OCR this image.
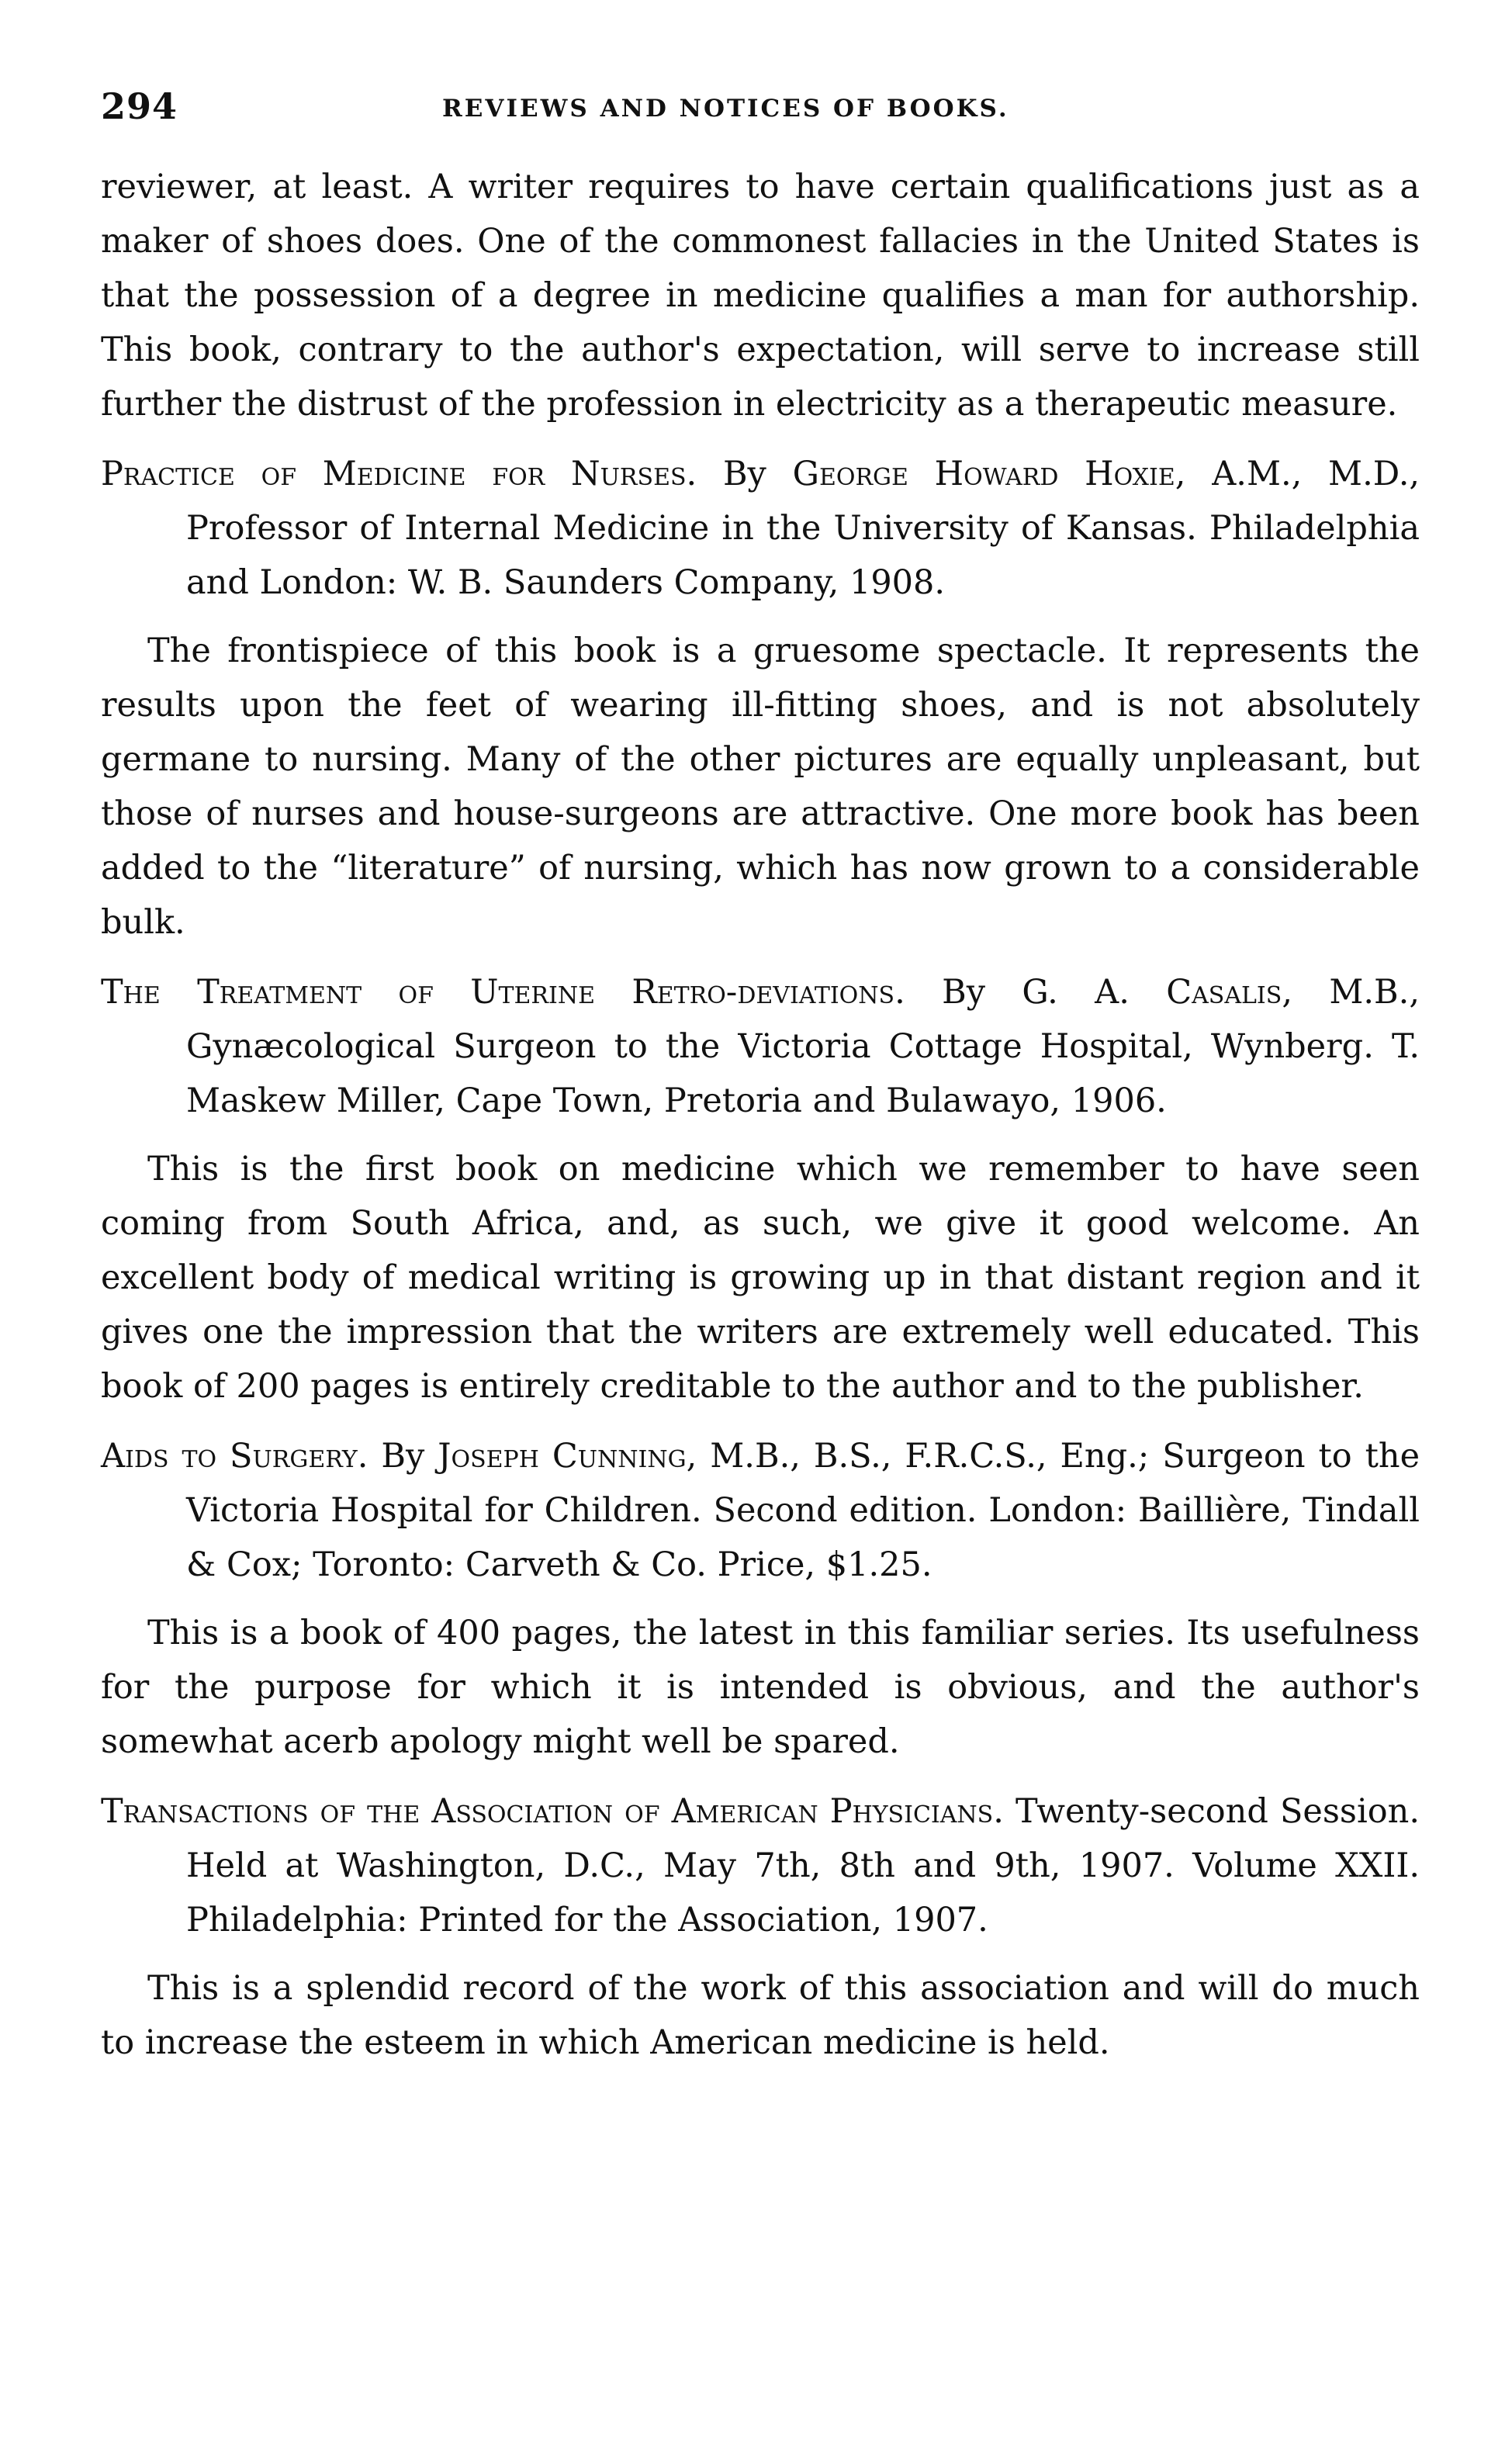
294	REVIEWS AND NOTICES OF BOOKS.

reviewer, at least. A writer requires to have certain qualifications just as a maker of shoes does. One of the commonest fallacies in the United States is that the possession of a degree in medicine qualifies a man for authorship. This book, contrary to the author's expectation, will serve to increase still further the distrust of the profession in electricity as a therapeutic measure.

Practice of Medicine for Nurses. By George Howard Hoxie, A.M., M.D., Professor of Internal Medicine in the University of Kansas. Philadelphia and London: W. B. Saunders Company, 1908.

The frontispiece of this book is a gruesome spectacle. It represents the results upon the feet of wearing ill-fitting shoes, and is not absolutely germane to nursing. Many of the other pictures are equally unpleasant, but those of nurses and house-surgeons are attractive. One more book has been added to the “literature” of nursing, which has now grown to a considerable bulk.

The Treatment of Uterine Retro-deviations. By G. A. Casalis, M.B., Gynæcological Surgeon to the Victoria Cottage Hospital, Wynberg. T. Maskew Miller, Cape Town, Pretoria and Bulawayo, 1906.

This is the first book on medicine which we remember to have seen coming from South Africa, and, as such, we give it good welcome. An excellent body of medical writing is growing up in that distant region and it gives one the impression that the writers are extremely well educated. This book of 200 pages is entirely creditable to the author and to the publisher.

Aids to Surgery. By Joseph Cunning, M.B., B.S., F.R.C.S., Eng.; Surgeon to the Victoria Hospital for Children. Second edition. London: Baillière, Tindall & Cox; Toronto: Carveth & Co. Price, $1.25.

This is a book of 400 pages, the latest in this familiar series. Its usefulness for the purpose for which it is intended is obvious, and the author's somewhat acerb apology might well be spared.

Transactions of the Association of American Physicians. Twenty-second Session. Held at Washington, D.C., May 7th, 8th and 9th, 1907. Volume XXII. Philadelphia: Printed for the Association, 1907.

This is a splendid record of the work of this association and will do much to increase the esteem in which American medicine is held.
